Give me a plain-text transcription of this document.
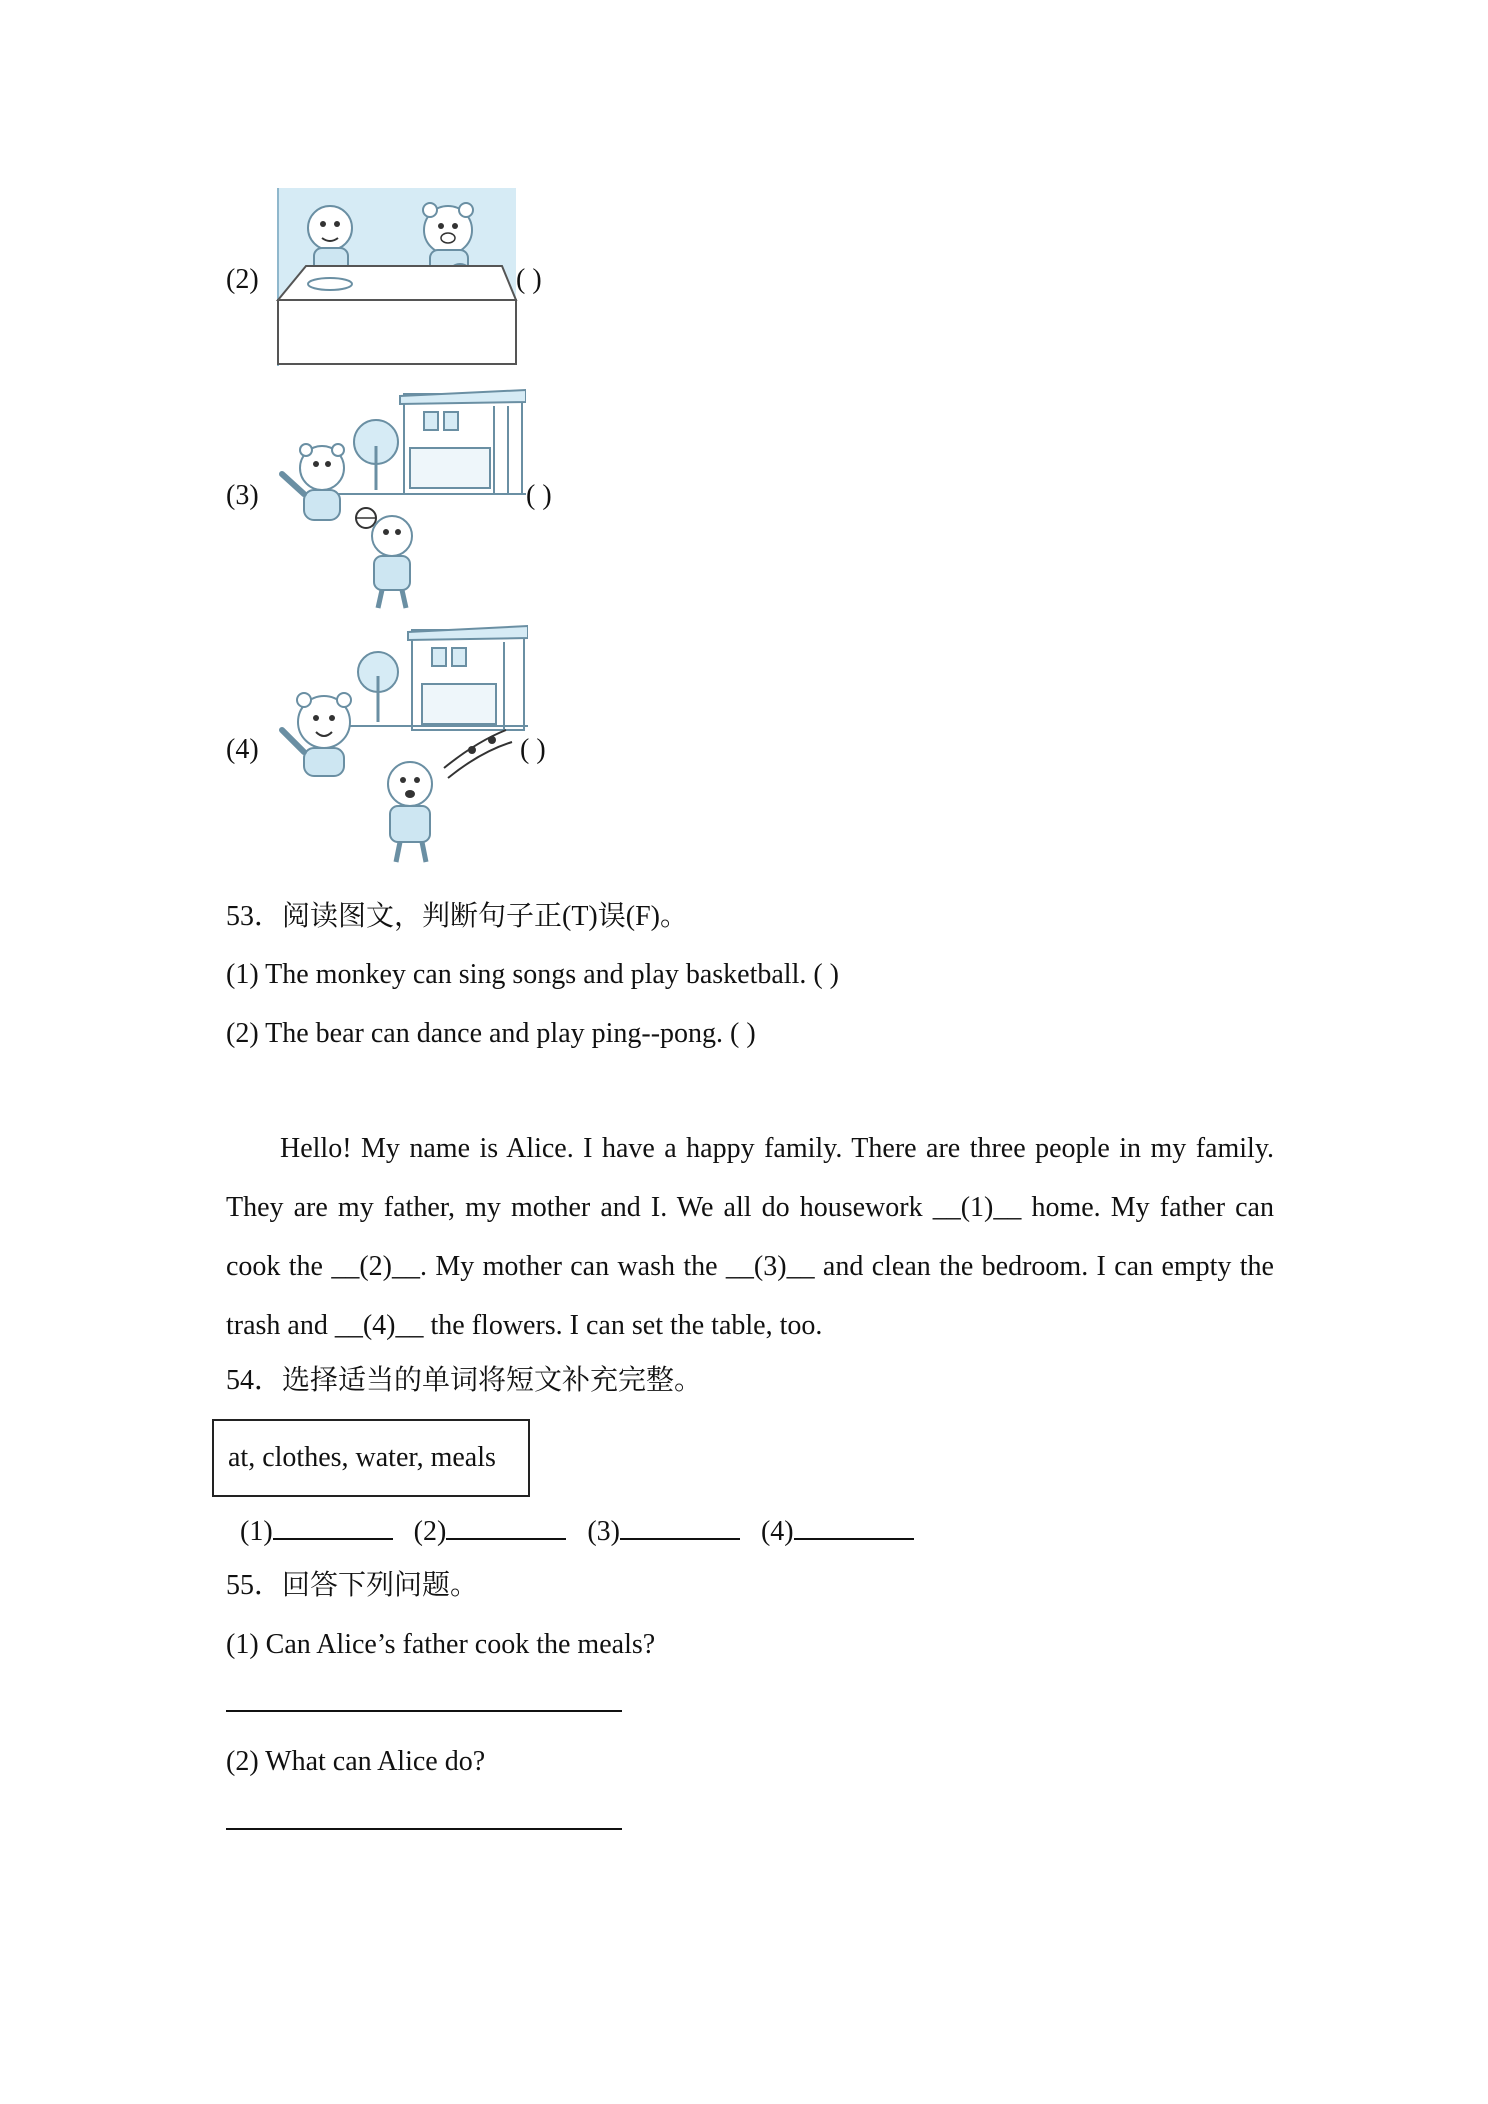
(2)	( )
(3)	( )
(4)	( )
53．阅读图文，判断句子正(T)误(F)。
(1) The monkey can sing songs and play basketball. ( )
(2) The bear can dance and play ping--pong. ( )

Hello! My name is Alice. I have a happy family. There are three people in my family. They are my father, my mother and I. We all do housework __(1)__ home. My father can cook the __(2)__. My mother can wash the __(3)__ and clean the bedroom. I can empty the trash and __(4)__ the flowers. I can set the table, too.

54．选择适当的单词将短文补充完整。
at, clothes, water, meals
(1)	(2)	(3)	(4)
55．回答下列问题。
(1) Can Alice’s father cook the meals?
(2) What can Alice do?
